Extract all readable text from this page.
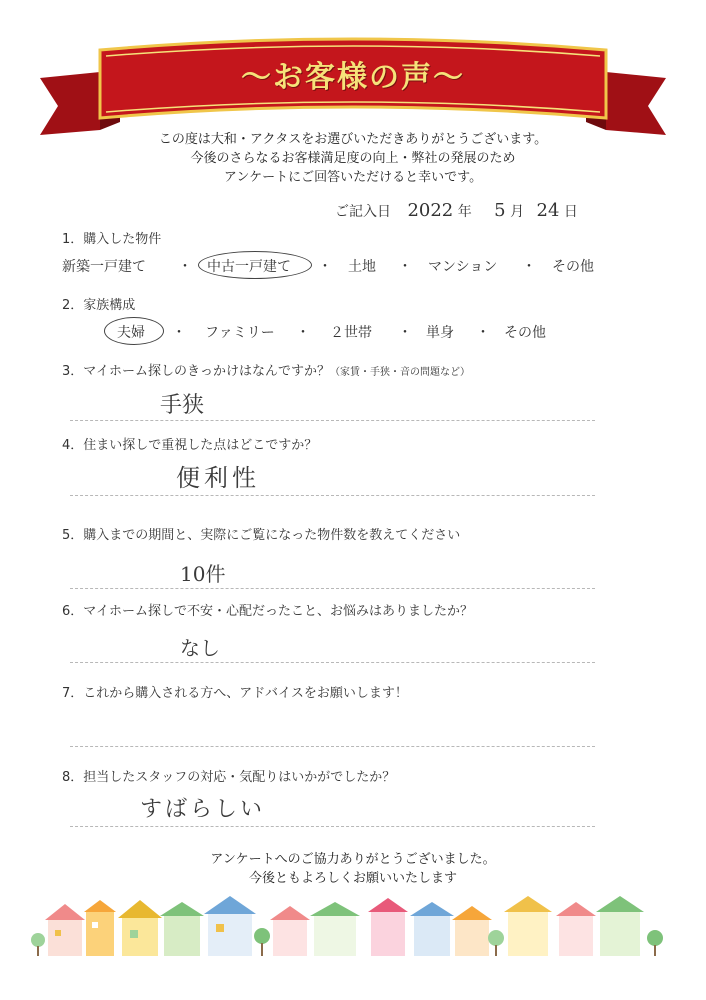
～お客様の声～
この度は大和・アクタスをお選びいただきありがとうございます。
今後のさらなるお客様満足度の向上・弊社の発展のため
アンケートにご回答いただけると幸いです。
ご記入日 2022 年 5 月 24 日
1．購入した物件
新築一戸建て ・ 中古一戸建て ・ 土地 ・ マンション ・ その他
2．家族構成
夫婦 ・ ファミリー ・ ２世帯 ・ 単身 ・ その他
3．マイホーム探しのきっかけはなんですか？（家賃・手狭・音の問題など）
手狭
4．住まい探しで重視した点はどこですか？
便利性
5．購入までの期間と、実際にご覧になった物件数を教えてください
10件
6．マイホーム探しで不安・心配だったこと、お悩みはありましたか？
なし
7．これから購入される方へ、アドバイスをお願いします！
8．担当したスタッフの対応・気配りはいかがでしたか？
すばらしい
アンケートへのご協力ありがとうございました。
今後ともよろしくお願いいたします
